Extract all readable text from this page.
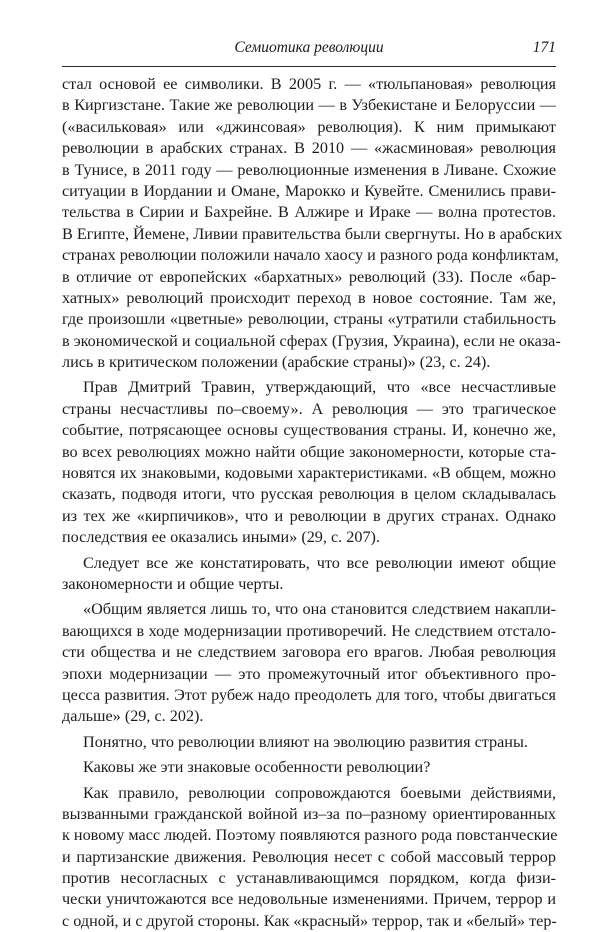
Семиотика революции	171
стал основой ее символики. В 2005 г. — «тюльпановая» революция
в Киргизстане. Такие же революции — в Узбекистане и Белоруссии —
(«васильковая» или «джинсовая» революция). К ним примыкают
революции в арабских странах. В 2010 — «жасминовая» революция
в Тунисе, в 2011 году — революционные изменения в Ливане. Схожие
ситуации в Иордании и Омане, Марокко и Кувейте. Сменились прави-
тельства в Сирии и Бахрейне. В Алжире и Ираке — волна протестов.
В Египте, Йемене, Ливии правительства были свергнуты. Но в арабских
странах революции положили начало хаосу и разного рода конфликтам,
в отличие от европейских «бархатных» революций (33). После «бар-
хатных» революций происходит переход в новое состояние. Там же,
где произошли «цветные» революции, страны «утратили стабильность
в экономической и социальной сферах (Грузия, Украина), если не оказа-
лись в критическом положении (арабские страны)» (23, с. 24).
Прав Дмитрий Травин, утверждающий, что «все несчастливые
страны несчастливы по–своему». А революция — это трагическое
событие, потрясающее основы существования страны. И, конечно же,
во всех революциях можно найти общие закономерности, которые ста-
новятся их знаковыми, кодовыми характеристиками. «В общем, можно
сказать, подводя итоги, что русская революция в целом складывалась
из тех же «кирпичиков», что и революции в других странах. Однако
последствия ее оказались иными» (29, с. 207).
Следует все же констатировать, что все революции имеют общие
закономерности и общие черты.
«Общим является лишь то, что она становится следствием накапли-
вающихся в ходе модернизации противоречий. Не следствием отстало-
сти общества и не следствием заговора его врагов. Любая революция
эпохи модернизации — это промежуточный итог объективного про-
цесса развития. Этот рубеж надо преодолеть для того, чтобы двигаться
дальше» (29, с. 202).
Понятно, что революции влияют на эволюцию развития страны.
Каковы же эти знаковые особенности революции?
Как правило, революции сопровождаются боевыми действиями,
вызванными гражданской войной из–за по–разному ориентированных
к новому масс людей. Поэтому появляются разного рода повстанческие
и партизанские движения. Революция несет с собой массовый террор
против несогласных с устанавливающимся порядком, когда физи-
чески уничтожаются все недовольные изменениями. Причем, террор и
с одной, и с другой стороны. Как «красный» террор, так и «белый» тер-
